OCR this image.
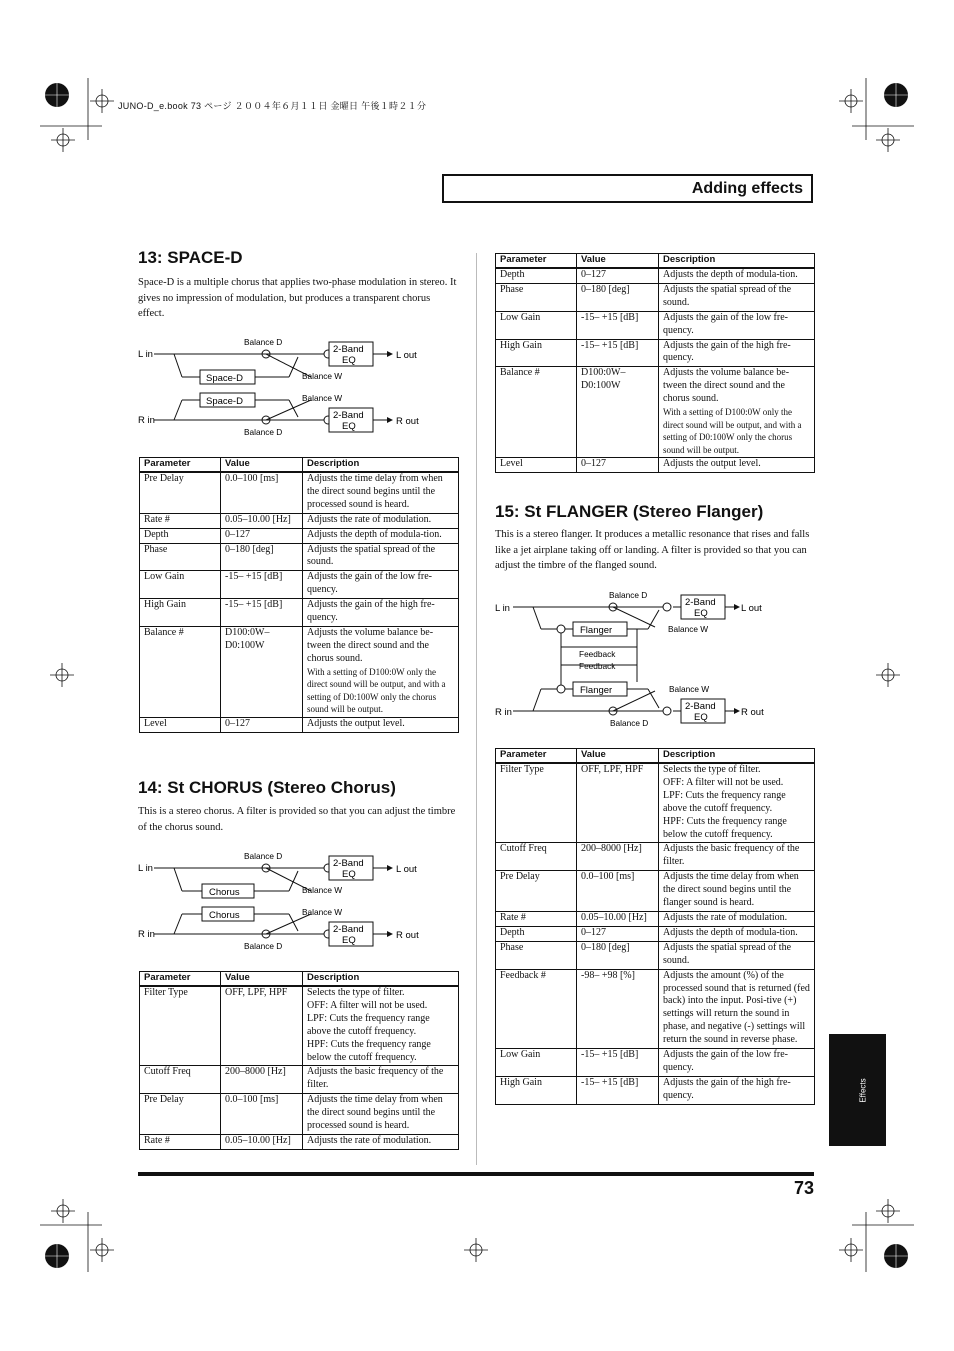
JUNO-D_e.book 73 ページ ２００４年６月１１日 金曜日 午後１時２１分
Adding effects
13: SPACE-D

Space-D is a multiple chorus that applies two-phase modulation in stereo. It gives no impression of modulation, but produces a transparent chorus effect.

L in
R in
L out
R out
Space-D
Space-D
2-Band
EQ
2-Band
EQ
Balance D
Balance W
Balance W
Balance D
Parameter	Value	Description

Pre Delay	0.0–100 [ms]	Adjusts the time delay from when the direct sound begins until the processed sound is heard.

Rate #	0.05–10.00 [Hz]	Adjusts the rate of modulation.

Depth	0–127	Adjusts the depth of modula-tion.

Phase	0–180 [deg]	Adjusts the spatial spread of the sound.

Low Gain	-15– +15 [dB]	Adjusts the gain of the low fre-quency.

High Gain	-15– +15 [dB]	Adjusts the gain of the high fre-quency.

Balance #	D100:0W–D0:100W	Adjusts the volume balance be-tween the direct sound and the chorus sound.
With a setting of D100:0W only the direct sound will be output, and with a setting of D0:100W only the chorus sound will be output.

Level	0–127	Adjusts the output level.
14: St CHORUS (Stereo Chorus)

This is a stereo chorus. A filter is provided so that you can adjust the timbre of the chorus sound.

L in
R in
L out
R out
Chorus
Chorus
2-Band
EQ
2-Band
EQ
Balance D
Balance W
Balance W
Balance D
Parameter	Value	Description

Filter Type	OFF, LPF, HPF	Selects the type of filter.
OFF: A filter will not be used.
LPF: Cuts the frequency range above the cutoff frequency.
HPF: Cuts the frequency range below the cutoff frequency.

Cutoff Freq	200–8000 [Hz]	Adjusts the basic frequency of the filter.

Pre Delay	0.0–100 [ms]	Adjusts the time delay from when the direct sound begins until the processed sound is heard.

Rate #	0.05–10.00 [Hz]	Adjusts the rate of modulation.
Parameter	Value	Description

Depth	0–127	Adjusts the depth of modula-tion.

Phase	0–180 [deg]	Adjusts the spatial spread of the sound.

Low Gain	-15– +15 [dB]	Adjusts the gain of the low fre-quency.

High Gain	-15– +15 [dB]	Adjusts the gain of the high fre-quency.

Balance #	D100:0W–D0:100W	Adjusts the volume balance be-tween the direct sound and the chorus sound.
With a setting of D100:0W only the direct sound will be output, and with a setting of D0:100W only the chorus sound will be output.

Level	0–127	Adjusts the output level.
15: St FLANGER (Stereo Flanger)

This is a stereo flanger. It produces a metallic resonance that rises and falls like a jet airplane taking off or landing. A filter is provided so that you can adjust the timbre of the flanged sound.

L in
R in
L out
R out
Flanger
Flanger
2-Band
EQ
2-Band
EQ
Balance D
Balance W
Feedback
Feedback
Balance W
Balance D
Parameter	Value	Description

Filter Type	OFF, LPF, HPF	Selects the type of filter.
OFF: A filter will not be used.
LPF: Cuts the frequency range above the cutoff frequency.
HPF: Cuts the frequency range below the cutoff frequency.

Cutoff Freq	200–8000 [Hz]	Adjusts the basic frequency of the filter.

Pre Delay	0.0–100 [ms]	Adjusts the time delay from when the direct sound begins until the flanger sound is heard.

Rate #	0.05–10.00 [Hz]	Adjusts the rate of modulation.

Depth	0–127	Adjusts the depth of modula-tion.

Phase	0–180 [deg]	Adjusts the spatial spread of the sound.

Feedback #	-98– +98 [%]	Adjusts the amount (%) of the processed sound that is returned (fed back) into the input. Posi-tive (+) settings will return the sound in phase, and negative (-) settings will return the sound in reverse phase.

Low Gain	-15– +15 [dB]	Adjusts the gain of the low fre-quency.

High Gain	-15– +15 [dB]	Adjusts the gain of the high fre-quency.	Effects
73
